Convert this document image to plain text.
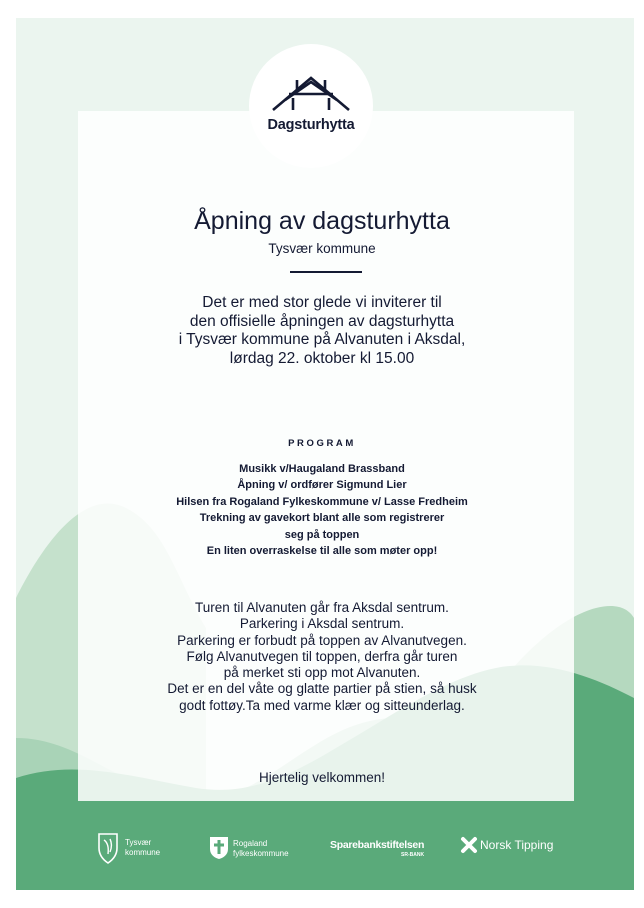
Dagsturhytta
Åpning av dagsturhytta
Tysvær kommune
Det er med stor glede vi inviterer til
den offisielle åpningen av dagsturhytta
i Tysvær kommune på Alvanuten i Aksdal,
lørdag 22. oktober kl 15.00
PROGRAM
Musikk v/Haugaland Brassband
Åpning v/ ordfører Sigmund Lier
Hilsen fra Rogaland Fylkeskommune v/ Lasse Fredheim
Trekning av gavekort blant alle som registrerer
seg på toppen
En liten overraskelse til alle som møter opp!
Turen til Alvanuten går fra Aksdal sentrum.
Parkering i Aksdal sentrum.
Parkering er forbudt på toppen av Alvanutvegen.
Følg Alvanutvegen til toppen, derfra går turen
på merket sti opp mot Alvanuten.
Det er en del våte og glatte partier på stien, så husk
godt fottøy.Ta med varme klær og sitteunderlag.
Hjertelig velkommen!
Tysvær
kommune
Rogaland
fylkeskommune
Sparebankstiftelsen
SR-BANK
Norsk Tipping
